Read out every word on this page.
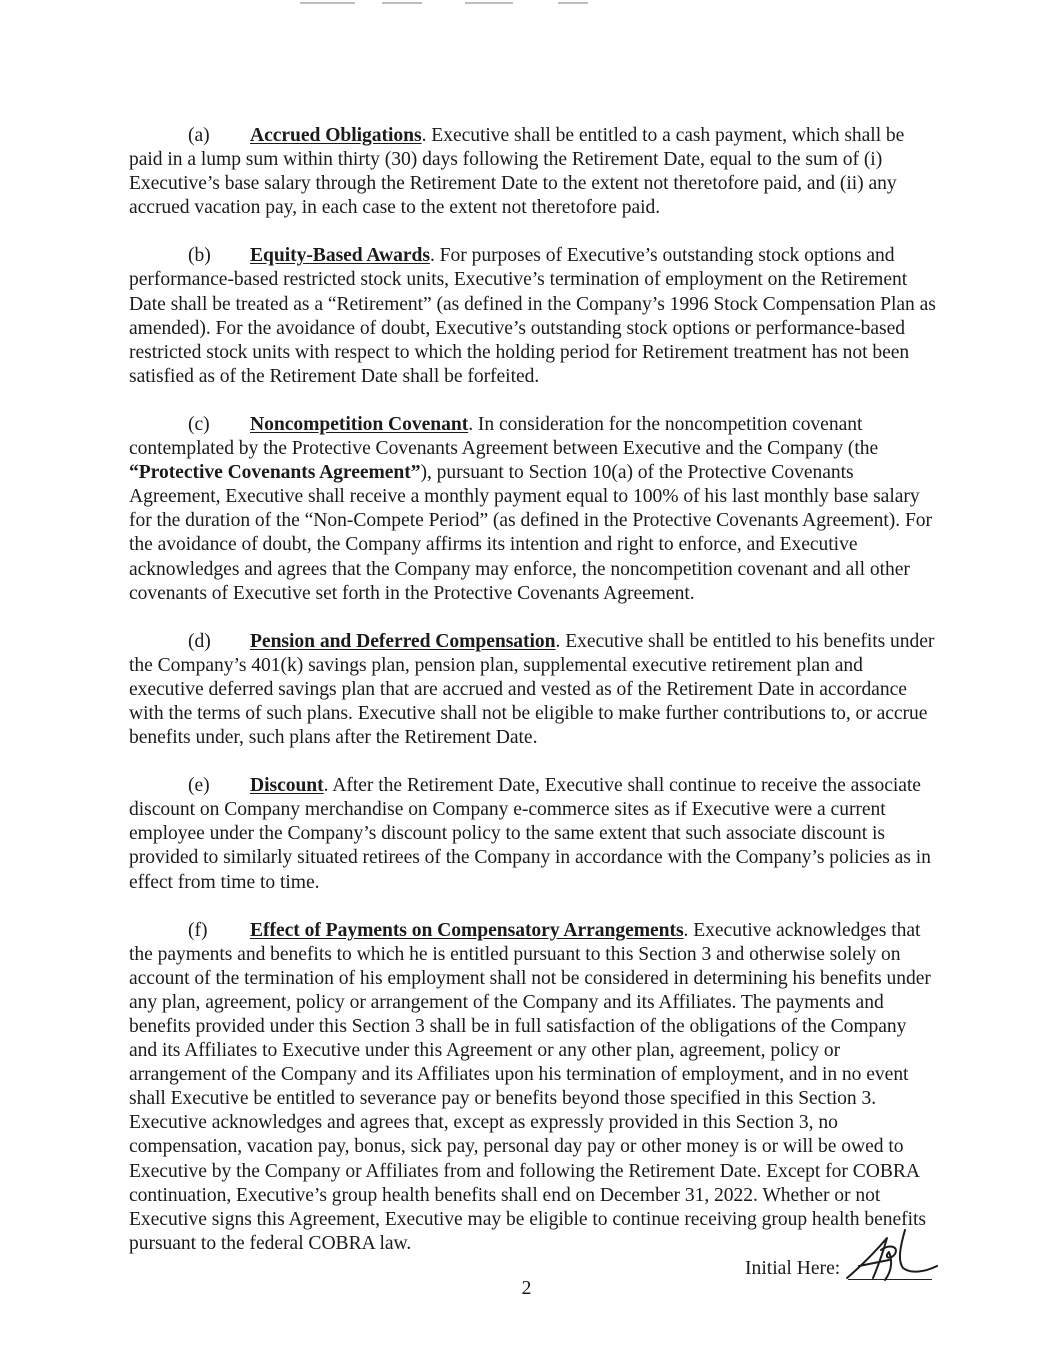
(a) Accrued Obligations. Executive shall be entitled to a cash payment, which shall be paid in a lump sum within thirty (30) days following the Retirement Date, equal to the sum of (i) Executive’s base salary through the Retirement Date to the extent not theretofore paid, and (ii) any accrued vacation pay, in each case to the extent not theretofore paid.

(b) Equity-Based Awards. For purposes of Executive’s outstanding stock options and performance-based restricted stock units, Executive’s termination of employment on the Retirement Date shall be treated as a “Retirement” (as defined in the Company’s 1996 Stock Compensation Plan as amended). For the avoidance of doubt, Executive’s outstanding stock options or performance-based restricted stock units with respect to which the holding period for Retirement treatment has not been satisfied as of the Retirement Date shall be forfeited.

(c) Noncompetition Covenant. In consideration for the noncompetition covenant contemplated by the Protective Covenants Agreement between Executive and the Company (the “Protective Covenants Agreement”), pursuant to Section 10(a) of the Protective Covenants Agreement, Executive shall receive a monthly payment equal to 100% of his last monthly base salary for the duration of the “Non-Compete Period” (as defined in the Protective Covenants Agreement). For the avoidance of doubt, the Company affirms its intention and right to enforce, and Executive acknowledges and agrees that the Company may enforce, the noncompetition covenant and all other covenants of Executive set forth in the Protective Covenants Agreement.

(d) Pension and Deferred Compensation. Executive shall be entitled to his benefits under the Company’s 401(k) savings plan, pension plan, supplemental executive retirement plan and executive deferred savings plan that are accrued and vested as of the Retirement Date in accordance with the terms of such plans. Executive shall not be eligible to make further contributions to, or accrue benefits under, such plans after the Retirement Date.

(e) Discount. After the Retirement Date, Executive shall continue to receive the associate discount on Company merchandise on Company e-commerce sites as if Executive were a current employee under the Company’s discount policy to the same extent that such associate discount is provided to similarly situated retirees of the Company in accordance with the Company’s policies as in effect from time to time.

(f) Effect of Payments on Compensatory Arrangements. Executive acknowledges that the payments and benefits to which he is entitled pursuant to this Section 3 and otherwise solely on account of the termination of his employment shall not be considered in determining his benefits under any plan, agreement, policy or arrangement of the Company and its Affiliates. The payments and benefits provided under this Section 3 shall be in full satisfaction of the obligations of the Company and its Affiliates to Executive under this Agreement or any other plan, agreement, policy or arrangement of the Company and its Affiliates upon his termination of employment, and in no event shall Executive be entitled to severance pay or benefits beyond those specified in this Section 3. Executive acknowledges and agrees that, except as expressly provided in this Section 3, no compensation, vacation pay, bonus, sick pay, personal day pay or other money is or will be owed to Executive by the Company or Affiliates from and following the Retirement Date. Except for COBRA continuation, Executive’s group health benefits shall end on December 31, 2022. Whether or not Executive signs this Agreement, Executive may be eligible to continue receiving group health benefits pursuant to the federal COBRA law.

Initial Here:
2
